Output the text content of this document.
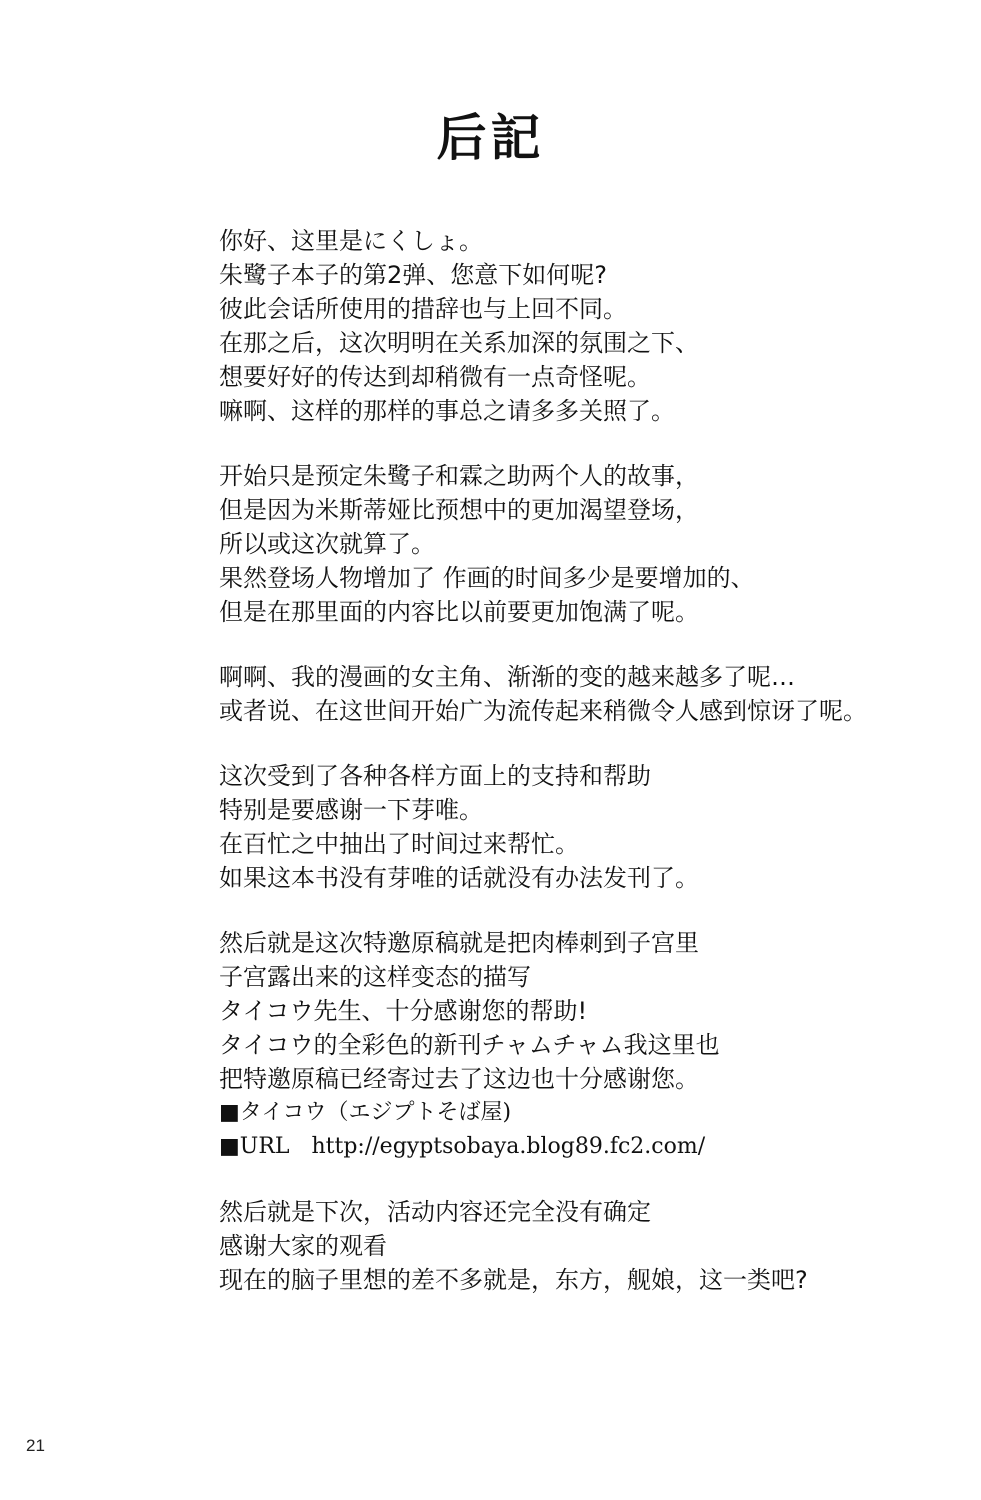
后記
你好、这里是にくしょ。
朱鹭子本子的第2弹、您意下如何呢?
彼此会话所使用的措辞也与上回不同。
在那之后，这次明明在关系加深的氛围之下、
想要好好的传达到却稍微有一点奇怪呢。
嘛啊、这样的那样的事总之请多多关照了。
开始只是预定朱鹭子和霖之助两个人的故事，
但是因为米斯蒂娅比预想中的更加渴望登场，
所以或这次就算了。
果然登场人物增加了 作画的时间多少是要增加的、
但是在那里面的内容比以前要更加饱满了呢。
啊啊、我的漫画的女主角、渐渐的变的越来越多了呢…
或者说、在这世间开始广为流传起来稍微令人感到惊讶了呢。
这次受到了各种各样方面上的支持和帮助
特别是要感谢一下芽唯。
在百忙之中抽出了时间过来帮忙。
如果这本书没有芽唯的话就没有办法发刊了。
然后就是这次特邀原稿就是把肉棒刺到子宫里
子宫露出来的这样变态的描写
タイコウ先生、十分感谢您的帮助!
タイコウ的全彩色的新刊チャムチャム我这里也
把特邀原稿已经寄过去了这边也十分感谢您。
■タイコウ（エジプトそば屋)
■URL　http://egyptsobaya.blog89.fc2.com/
然后就是下次，活动内容还完全没有确定
感谢大家的观看
现在的脑子里想的差不多就是，东方，舰娘，这一类吧?
21
